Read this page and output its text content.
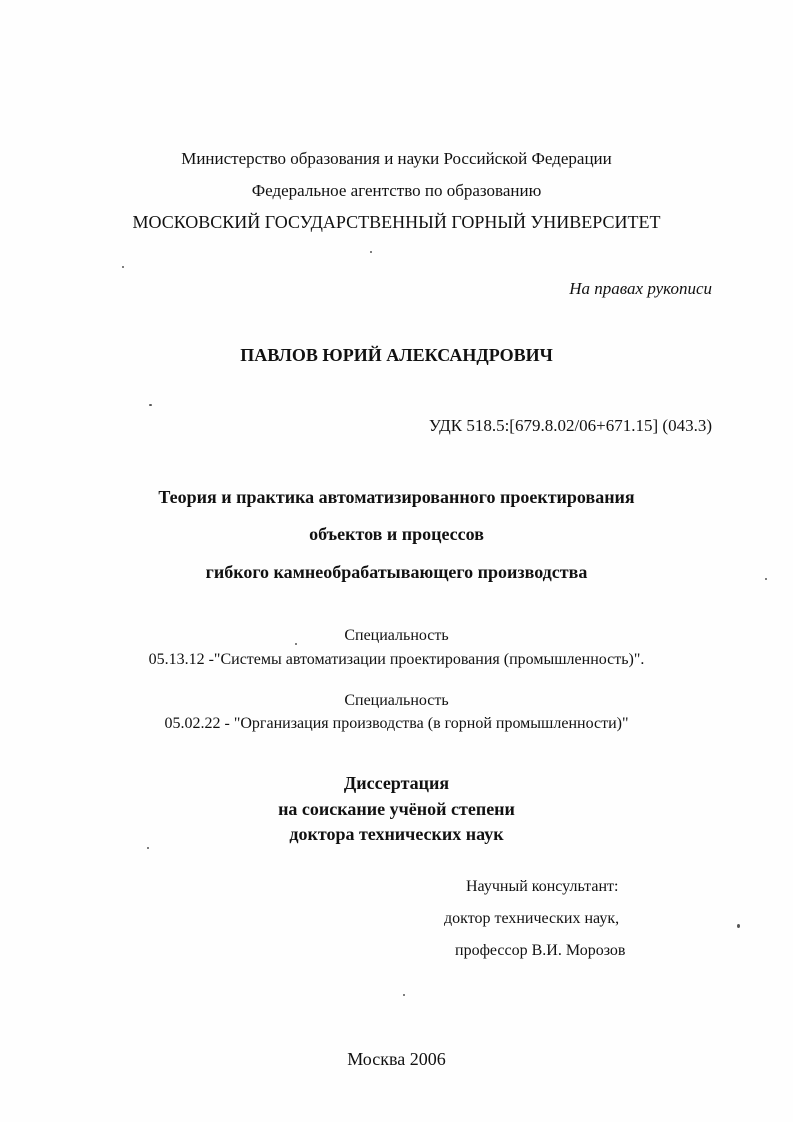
Министерство образования и науки Российской Федерации
Федеральное агентство по образованию
МОСКОВСКИЙ ГОСУДАРСТВЕННЫЙ ГОРНЫЙ УНИВЕРСИТЕТ
На правах рукописи
ПАВЛОВ ЮРИЙ АЛЕКСАНДРОВИЧ
УДК 518.5:[679.8.02/06+671.15] (043.3)
Теория и практика автоматизированного проектирования
объектов и процессов
гибкого камнеобрабатывающего производства
Специальность
05.13.12 -"Системы автоматизации проектирования (промышленность)".
Специальность
05.02.22 - "Организация производства (в горной промышленности)"
Диссертация
на соискание учёной степени
доктора технических наук
Научный консультант:
доктор технических наук,
профессор В.И. Морозов
Москва 2006
